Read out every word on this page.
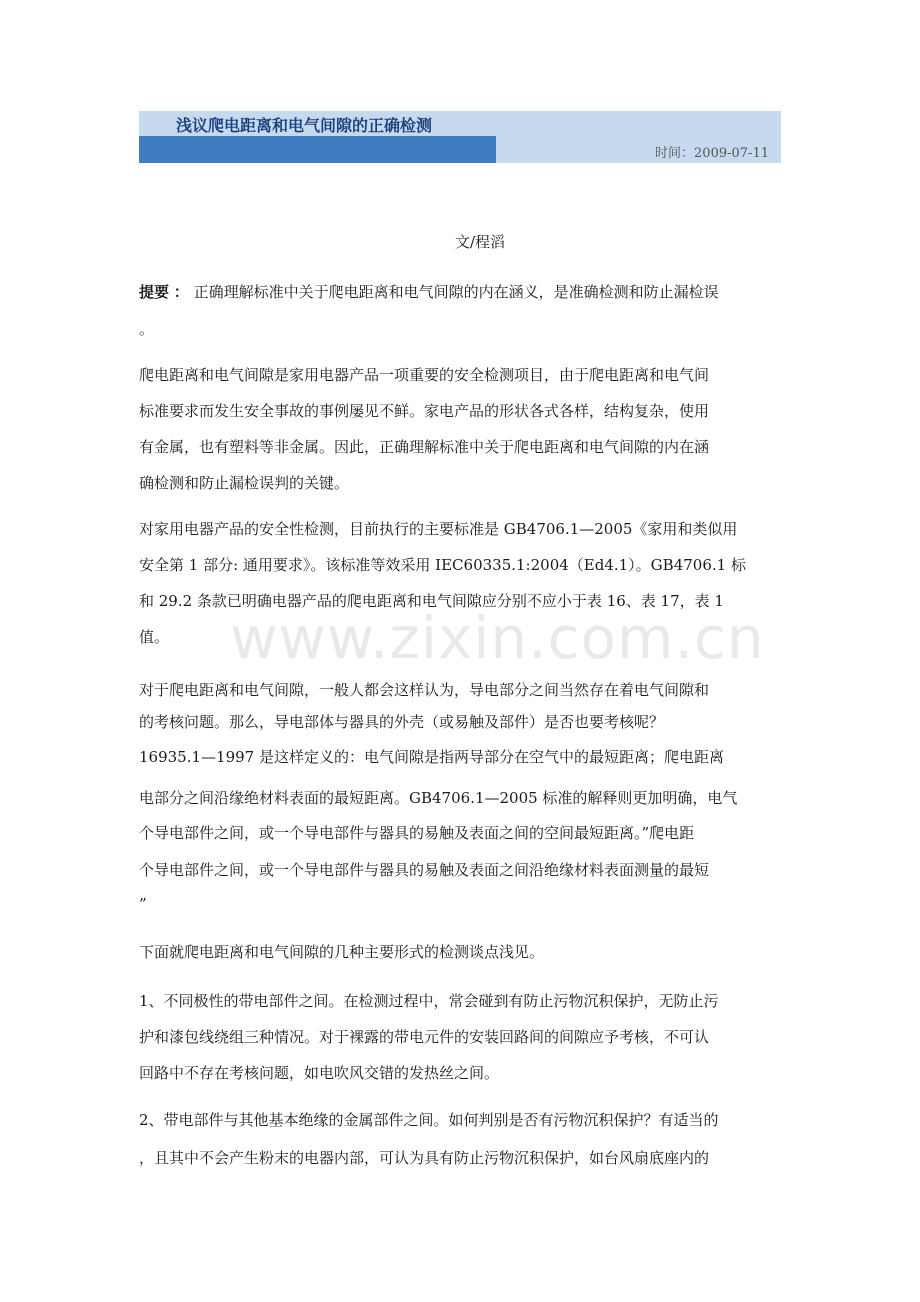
浅议爬电距离和电气间隙的正确检测
时间：2009-07-11
文/程滔
提要 ： 正确理解标准中关于爬电距离和电气间隙的内在涵义，是准确检测和防止漏检误
。
爬电距离和电气间隙是家用电器产品一项重要的安全检测项目，由于爬电距离和电气间
标准要求而发生安全事故的事例屡见不鲜。家电产品的形状各式各样，结构复杂，使用
有金属，也有塑料等非金属。因此，正确理解标准中关于爬电距离和电气间隙的内在涵
确检测和防止漏检误判的关键。
对家用电器产品的安全性检测，目前执行的主要标准是 GB4706.1—2005《家用和类似用
安全第 1 部分: 通用要求》。该标准等效采用 IEC60335.1:2004（Ed4.1）。GB4706.1 标
和 29.2 条款已明确电器产品的爬电距离和电气间隙应分别不应小于表 16、表 17，表 1
值。
对于爬电距离和电气间隙，一般人都会这样认为，导电部分之间当然存在着电气间隙和
的考核问题。那么，导电部体与器具的外壳（或易触及部件）是否也要考核呢？
16935.1—1997 是这样定义的：电气间隙是指两导部分在空气中的最短距离；爬电距离
电部分之间沿缘绝材料表面的最短距离。GB4706.1—2005 标准的解释则更加明确，电气
个导电部件之间，或一个导电部件与器具的易触及表面之间的空间最短距离。”爬电距
个导电部件之间，或一个导电部件与器具的易触及表面之间沿绝缘材料表面测量的最短
”
下面就爬电距离和电气间隙的几种主要形式的检测谈点浅见。
1、不同极性的带电部件之间。在检测过程中，常会碰到有防止污物沉积保护，无防止污
护和漆包线绕组三种情况。对于裸露的带电元件的安装回路间的间隙应予考核，不可认
回路中不存在考核问题，如电吹风交错的发热丝之间。
2、带电部件与其他基本绝缘的金属部件之间。如何判别是否有污物沉积保护？有适当的
，且其中不会产生粉末的电器内部，可认为具有防止污物沉积保护，如台风扇底座内的
www.zixin.com.cn
